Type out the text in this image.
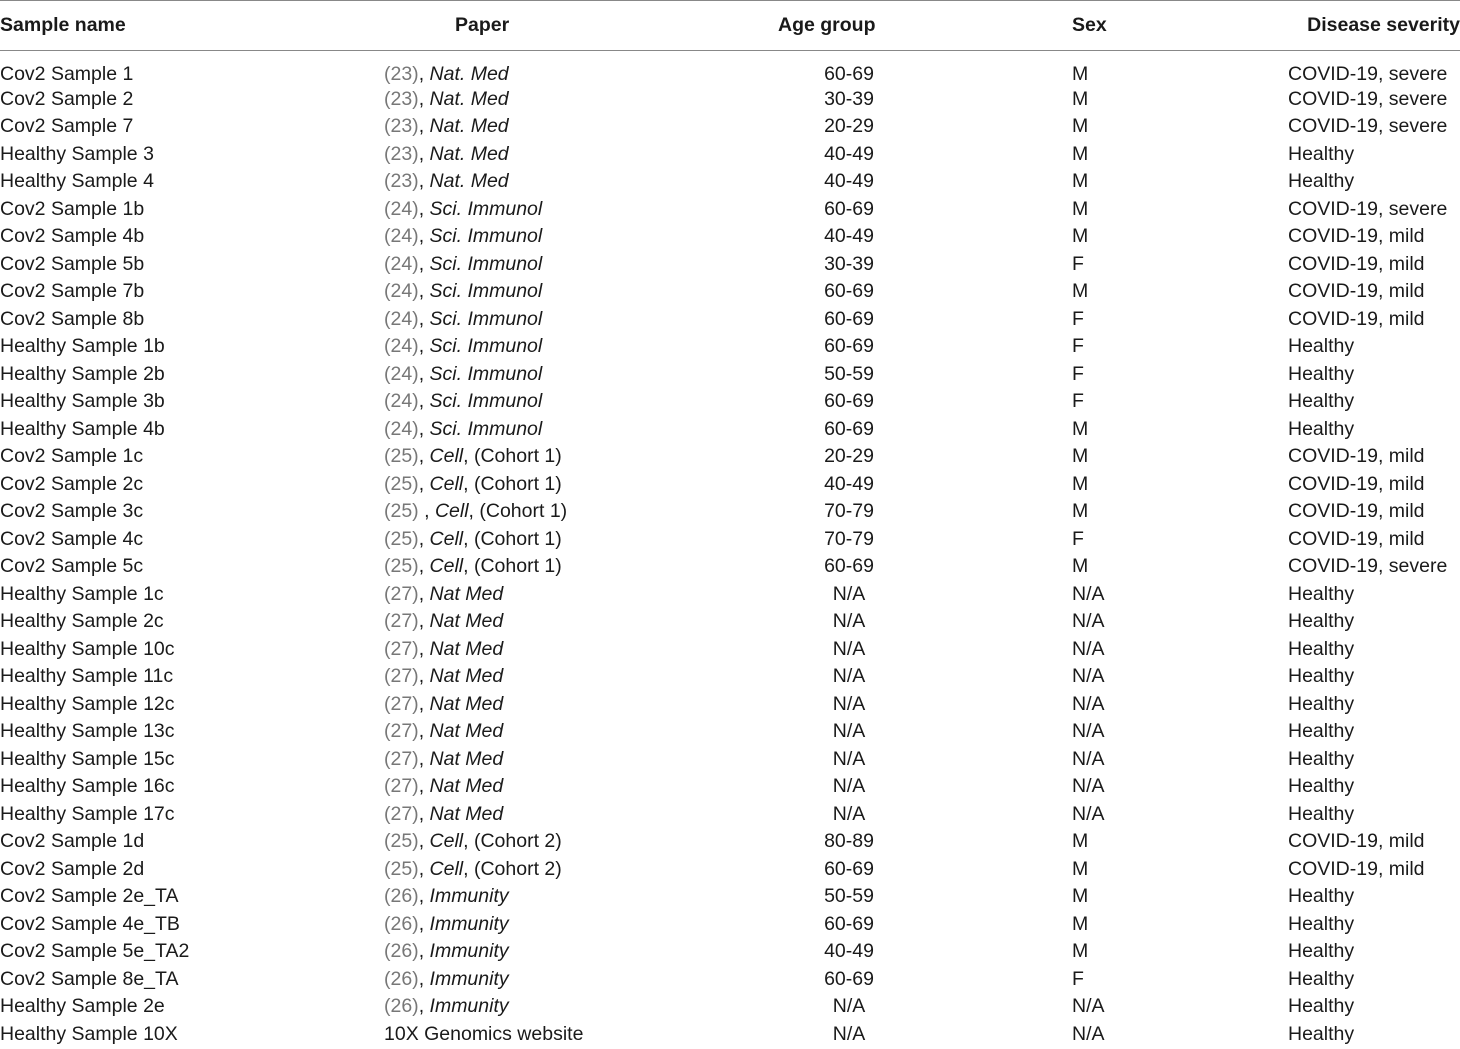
Sample name	Paper	Age group	Sex	Disease severity
Cov2 Sample 1	(23), Nat. Med	60-69	M	COVID-19, severe
Cov2 Sample 2	(23), Nat. Med	30-39	M	COVID-19, severe
Cov2 Sample 7	(23), Nat. Med	20-29	M	COVID-19, severe
Healthy Sample 3	(23), Nat. Med	40-49	M	Healthy
Healthy Sample 4	(23), Nat. Med	40-49	M	Healthy
Cov2 Sample 1b	(24), Sci. Immunol	60-69	M	COVID-19, severe
Cov2 Sample 4b	(24), Sci. Immunol	40-49	M	COVID-19, mild
Cov2 Sample 5b	(24), Sci. Immunol	30-39	F	COVID-19, mild
Cov2 Sample 7b	(24), Sci. Immunol	60-69	M	COVID-19, mild
Cov2 Sample 8b	(24), Sci. Immunol	60-69	F	COVID-19, mild
Healthy Sample 1b	(24), Sci. Immunol	60-69	F	Healthy
Healthy Sample 2b	(24), Sci. Immunol	50-59	F	Healthy
Healthy Sample 3b	(24), Sci. Immunol	60-69	F	Healthy
Healthy Sample 4b	(24), Sci. Immunol	60-69	M	Healthy
Cov2 Sample 1c	(25), Cell, (Cohort 1)	20-29	M	COVID-19, mild
Cov2 Sample 2c	(25), Cell, (Cohort 1)	40-49	M	COVID-19, mild
Cov2 Sample 3c	(25) , Cell, (Cohort 1)	70-79	M	COVID-19, mild
Cov2 Sample 4c	(25), Cell, (Cohort 1)	70-79	F	COVID-19, mild
Cov2 Sample 5c	(25), Cell, (Cohort 1)	60-69	M	COVID-19, severe
Healthy Sample 1c	(27), Nat Med	N/A	N/A	Healthy
Healthy Sample 2c	(27), Nat Med	N/A	N/A	Healthy
Healthy Sample 10c	(27), Nat Med	N/A	N/A	Healthy
Healthy Sample 11c	(27), Nat Med	N/A	N/A	Healthy
Healthy Sample 12c	(27), Nat Med	N/A	N/A	Healthy
Healthy Sample 13c	(27), Nat Med	N/A	N/A	Healthy
Healthy Sample 15c	(27), Nat Med	N/A	N/A	Healthy
Healthy Sample 16c	(27), Nat Med	N/A	N/A	Healthy
Healthy Sample 17c	(27), Nat Med	N/A	N/A	Healthy
Cov2 Sample 1d	(25), Cell, (Cohort 2)	80-89	M	COVID-19, mild
Cov2 Sample 2d	(25), Cell, (Cohort 2)	60-69	M	COVID-19, mild
Cov2 Sample 2e_TA	(26), Immunity	50-59	M	Healthy
Cov2 Sample 4e_TB	(26), Immunity	60-69	M	Healthy
Cov2 Sample 5e_TA2	(26), Immunity	40-49	M	Healthy
Cov2 Sample 8e_TA	(26), Immunity	60-69	F	Healthy
Healthy Sample 2e	(26), Immunity	N/A	N/A	Healthy
Healthy Sample 10X	10X Genomics website	N/A	N/A	Healthy
